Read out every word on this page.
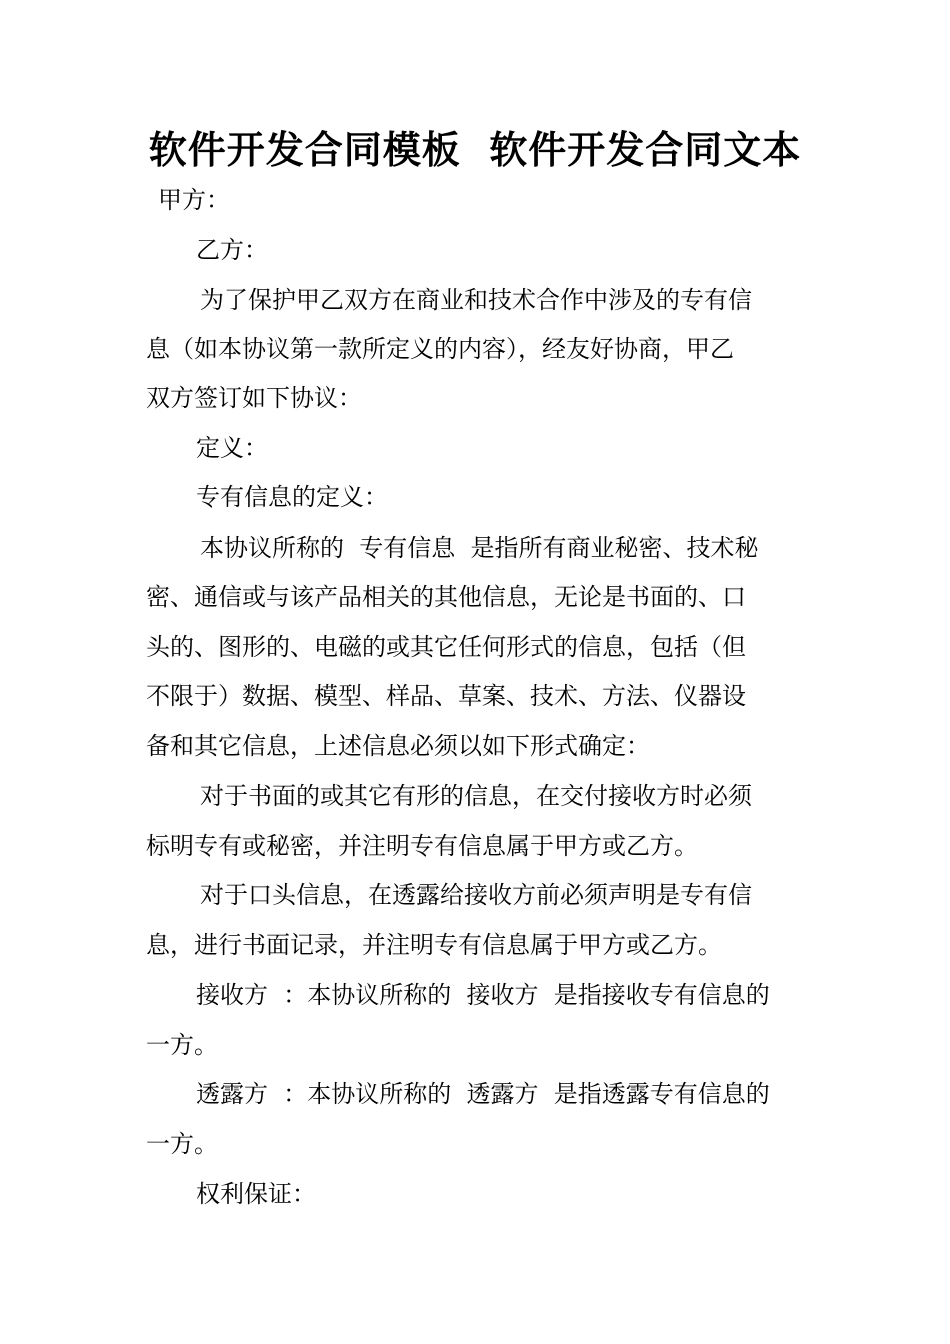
软件开发合同模板  软件开发合同文本
甲方：
乙方：
为了保护甲乙双方在商业和技术合作中涉及的专有信
息（如本协议第一款所定义的内容），经友好协商，甲乙
双方签订如下协议：
定义：
专有信息的定义：
本协议所称的  专有信息  是指所有商业秘密、技术秘
密、通信或与该产品相关的其他信息，无论是书面的、口
头的、图形的、电磁的或其它任何形式的信息，包括（但
不限于）数据、模型、样品、草案、技术、方法、仪器设
备和其它信息，上述信息必须以如下形式确定：
对于书面的或其它有形的信息，在交付接收方时必须
标明专有或秘密，并注明专有信息属于甲方或乙方。
对于口头信息，在透露给接收方前必须声明是专有信
息，进行书面记录，并注明专有信息属于甲方或乙方。
接收方  ：本协议所称的  接收方  是指接收专有信息的
一方。
透露方  ：本协议所称的  透露方  是指透露专有信息的
一方。
权利保证：
